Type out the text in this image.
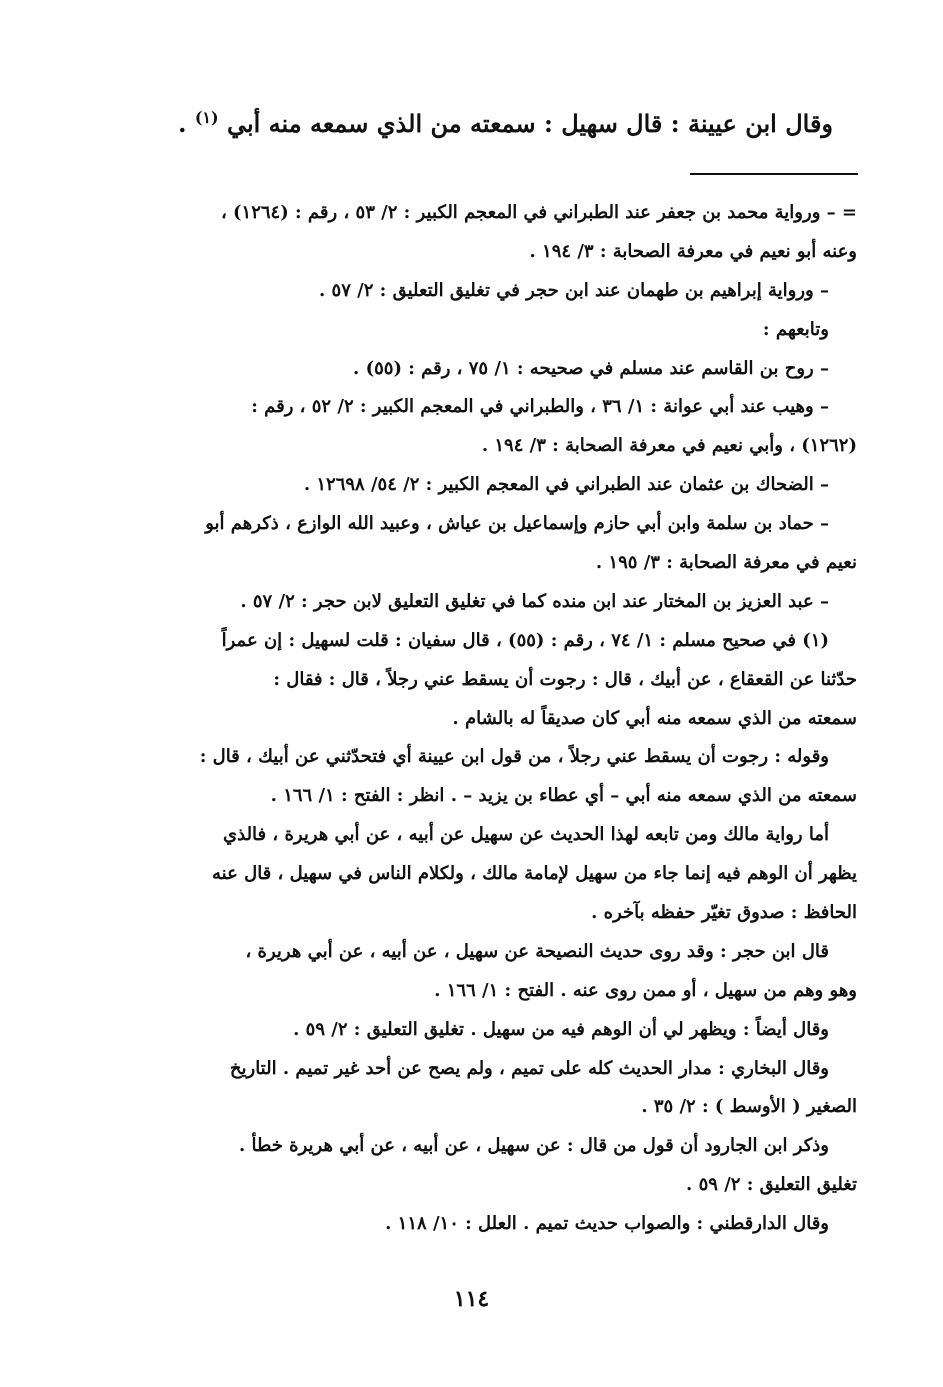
وقال ابن عيينة : قال سهيل : سمعته من الذي سمعه منه أبي $^{(١)}$ .
= – ورواية محمد بن جعفر عند الطبراني في المعجم الكبير : ٢/ ٥٣ ، رقم : (١٢٦٤) ،
وعنه أبو نعيم في معرفة الصحابة : ٣/ ١٩٤ .
– ورواية إبراهيم بن طهمان عند ابن حجر في تغليق التعليق : ٢/ ٥٧ .
وتابعهم :
– روح بن القاسم عند مسلم في صحيحه : ١/ ٧٥ ، رقم : (٥٥) .
– وهيب عند أبي عوانة : ١/ ٣٦ ، والطبراني في المعجم الكبير : ٢/ ٥٢ ، رقم :
(١٢٦٢) ، وأبي نعيم في معرفة الصحابة : ٣/ ١٩٤ .
– الضحاك بن عثمان عند الطبراني في المعجم الكبير : ٢/ ٥٤/ ١٢٦٩٨ .
– حماد بن سلمة وابن أبي حازم وإسماعيل بن عياش ، وعبيد الله الوازع ، ذكرهم أبو
نعيم في معرفة الصحابة : ٣/ ١٩٥ .
– عبد العزيز بن المختار عند ابن منده كما في تغليق التعليق لابن حجر : ٢/ ٥٧ .
(١) في صحيح مسلم : ١/ ٧٤ ، رقم : (٥٥) ، قال سفيان : قلت لسهيل : إن عمراً
حدّثنا عن القعقاع ، عن أبيك ، قال : رجوت أن يسقط عني رجلاً ، قال : فقال :
سمعته من الذي سمعه منه أبي كان صديقاً له بالشام .
وقوله : رجوت أن يسقط عني رجلاً ، من قول ابن عيينة أي فتحدّثني عن أبيك ، قال :
سمعته من الذي سمعه منه أبي – أي عطاء بن يزيد – . انظر : الفتح : ١/ ١٦٦ .
أما رواية مالك ومن تابعه لهذا الحديث عن سهيل عن أبيه ، عن أبي هريرة ، فالذي
يظهر أن الوهم فيه إنما جاء من سهيل لإمامة مالك ، ولكلام الناس في سهيل ، قال عنه
الحافظ : صدوق تغيّر حفظه بآخره .
قال ابن حجر : وقد روى حديث النصيحة عن سهيل ، عن أبيه ، عن أبي هريرة ،
وهو وهم من سهيل ، أو ممن روى عنه . الفتح : ١/ ١٦٦ .
وقال أيضاً : ويظهر لي أن الوهم فيه من سهيل . تغليق التعليق : ٢/ ٥٩ .
وقال البخاري : مدار الحديث كله على تميم ، ولم يصح عن أحد غير تميم . التاريخ
الصغير ( الأوسط ) : ٢/ ٣٥ .
وذكر ابن الجارود أن قول من قال : عن سهيل ، عن أبيه ، عن أبي هريرة خطأ .
تغليق التعليق : ٢/ ٥٩ .
وقال الدارقطني : والصواب حديث تميم . العلل : ١٠/ ١١٨ .
١١٤
